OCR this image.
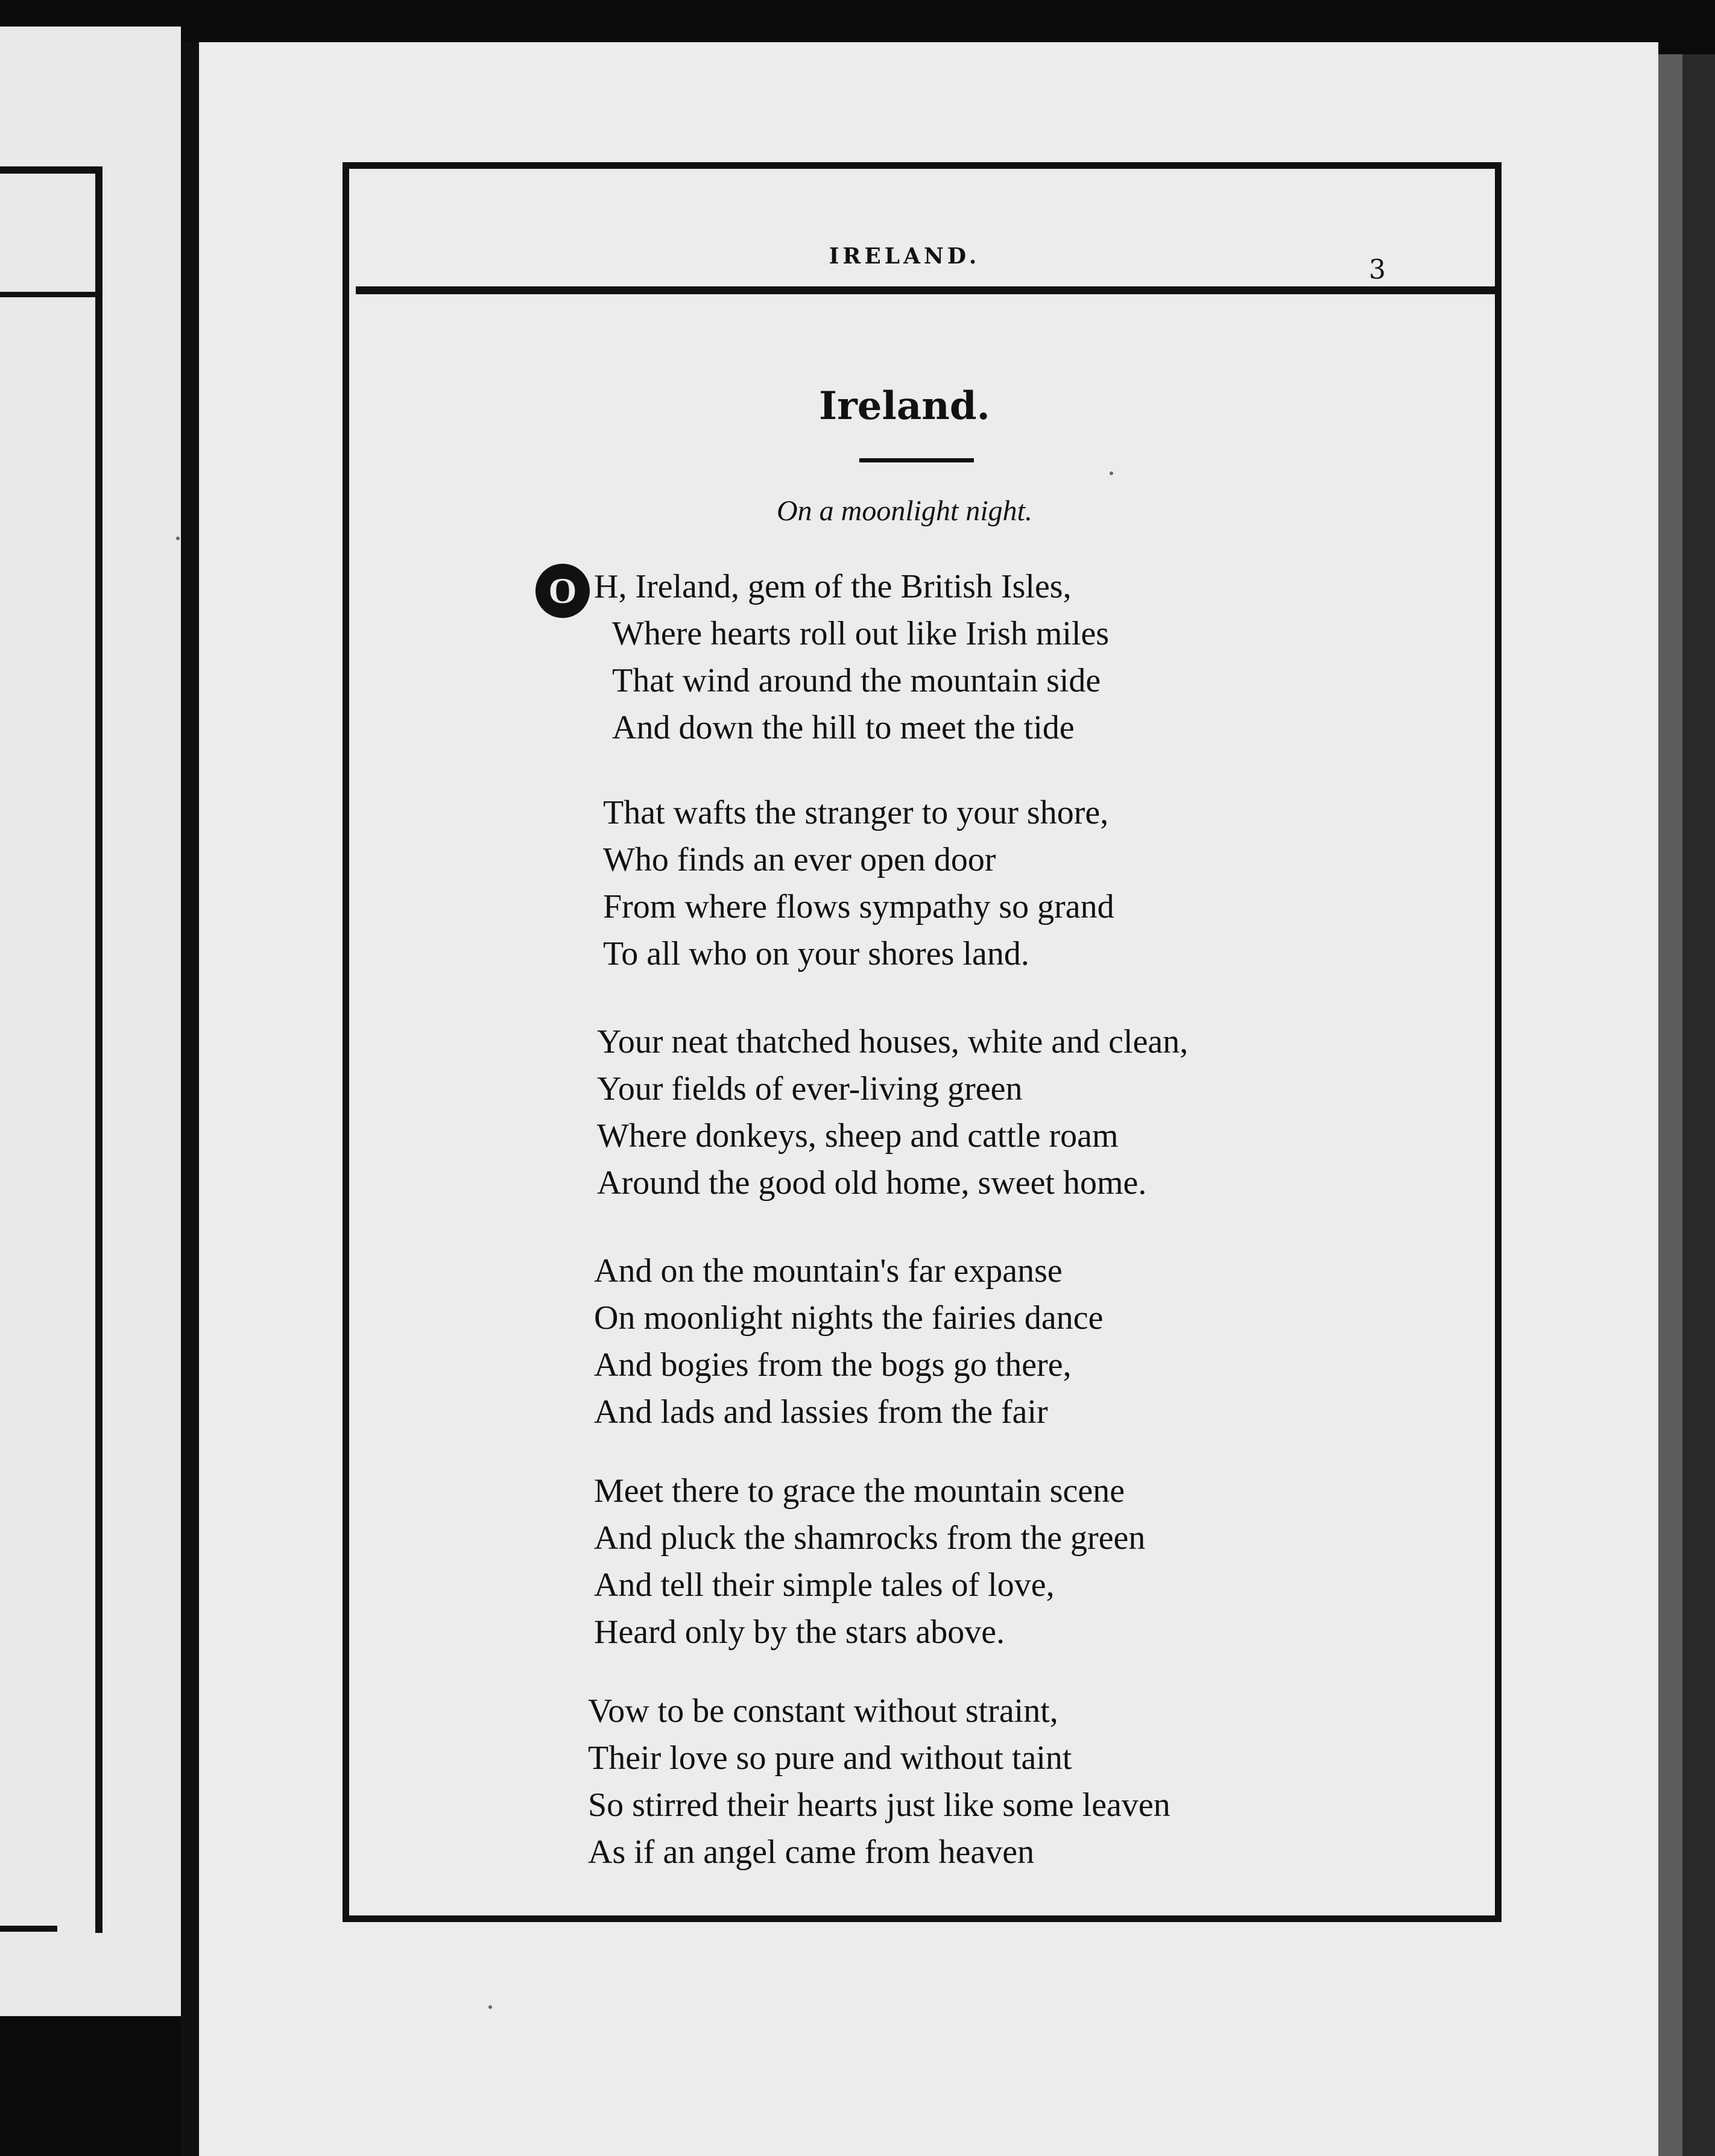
IRELAND.	3
Ireland.
On a moonlight night.
O H, Ireland, gem of the British Isles,
Where hearts roll out like Irish miles
That wind around the mountain side
And down the hill to meet the tide
That wafts the stranger to your shore,
Who finds an ever open door
From where flows sympathy so grand
To all who on your shores land.
Your neat thatched houses, white and clean,
Your fields of ever-living green
Where donkeys, sheep and cattle roam
Around the good old home, sweet home.
And on the mountain's far expanse
On moonlight nights the fairies dance
And bogies from the bogs go there,
And lads and lassies from the fair
Meet there to grace the mountain scene
And pluck the shamrocks from the green
And tell their simple tales of love,
Heard only by the stars above.
Vow to be constant without straint,
Their love so pure and without taint
So stirred their hearts just like some leaven
As if an angel came from heaven
